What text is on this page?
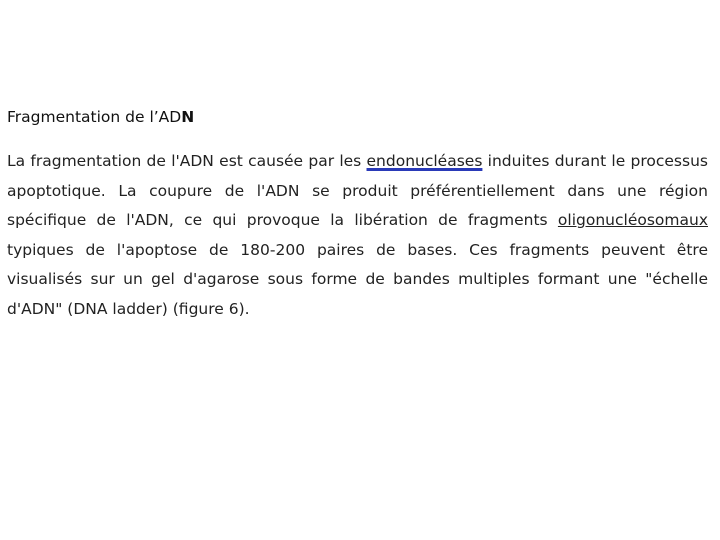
Fragmentation de l’ADN

La fragmentation de l'ADN est causée par les endonucléases induites durant le processus apoptotique. La coupure de l'ADN se produit préférentiellement dans une région spécifique de l'ADN, ce qui provoque la libération de fragments oligonucléosomaux typiques de l'apoptose de 180-200 paires de bases. Ces fragments peuvent être visualisés sur un gel d'agarose sous forme de bandes multiples formant une "échelle d'ADN" (DNA ladder) (figure 6).
